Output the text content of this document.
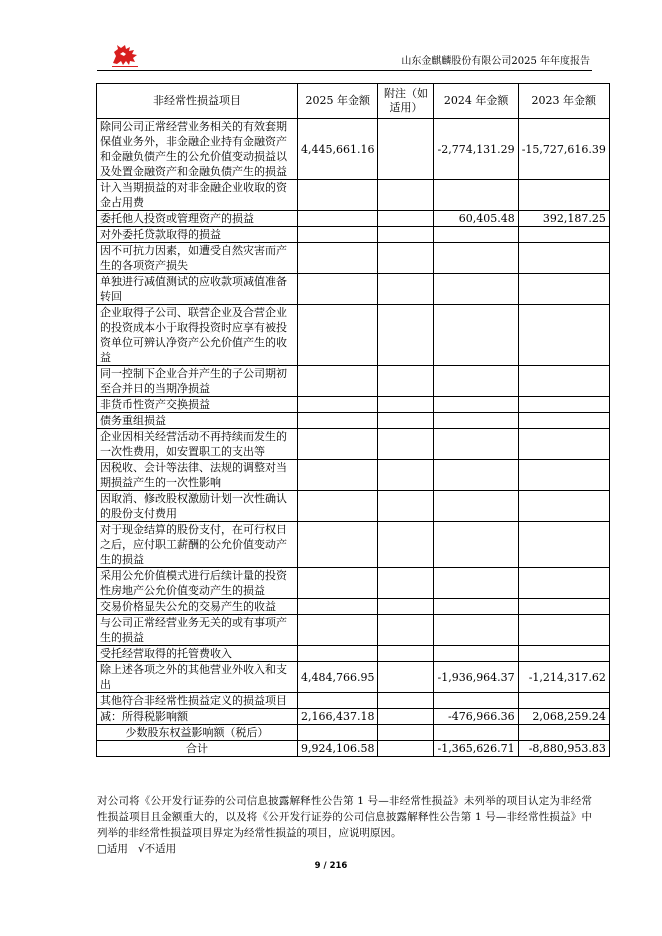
山东金麒麟股份有限公司2025 年年度报告
非经常性损益项目	2025 年金额	附注（如适用）	2024 年金额	2023 年金额
除同公司正常经营业务相关的有效套期保值业务外，非金融企业持有金融资产和金融负债产生的公允价值变动损益以及处置金融资产和金融负债产生的损益	4,445,661.16		-2,774,131.29	-15,727,616.39
计入当期损益的对非金融企业收取的资金占用费				
委托他人投资或管理资产的损益			60,405.48	392,187.25
对外委托贷款取得的损益				
因不可抗力因素，如遭受自然灾害而产生的各项资产损失				
单独进行减值测试的应收款项减值准备转回				
企业取得子公司、联营企业及合营企业的投资成本小于取得投资时应享有被投资单位可辨认净资产公允价值产生的收益				
同一控制下企业合并产生的子公司期初至合并日的当期净损益				
非货币性资产交换损益				
债务重组损益				
企业因相关经营活动不再持续而发生的一次性费用，如安置职工的支出等				
因税收、会计等法律、法规的调整对当期损益产生的一次性影响				
因取消、修改股权激励计划一次性确认的股份支付费用				
对于现金结算的股份支付，在可行权日之后，应付职工薪酬的公允价值变动产生的损益				
采用公允价值模式进行后续计量的投资性房地产公允价值变动产生的损益				
交易价格显失公允的交易产生的收益				
与公司正常经营业务无关的或有事项产生的损益				
受托经营取得的托管费收入				
除上述各项之外的其他营业外收入和支出	4,484,766.95		-1,936,964.37	-1,214,317.62
其他符合非经常性损益定义的损益项目				
减：所得税影响额	2,166,437.18		-476,966.36	2,068,259.24
少数股东权益影响额（税后）				
合计	9,924,106.58		-1,365,626.71	-8,880,953.83
对公司将《公开发行证券的公司信息披露解释性公告第 1 号—非经常性损益》未列举的项目认定为非经常性损益项目且金额重大的，以及将《公开发行证券的公司信息披露解释性公告第 1 号—非经常性损益》中列举的非经常性损益项目界定为经常性损益的项目，应说明原因。
□适用 √不适用
9 / 216
